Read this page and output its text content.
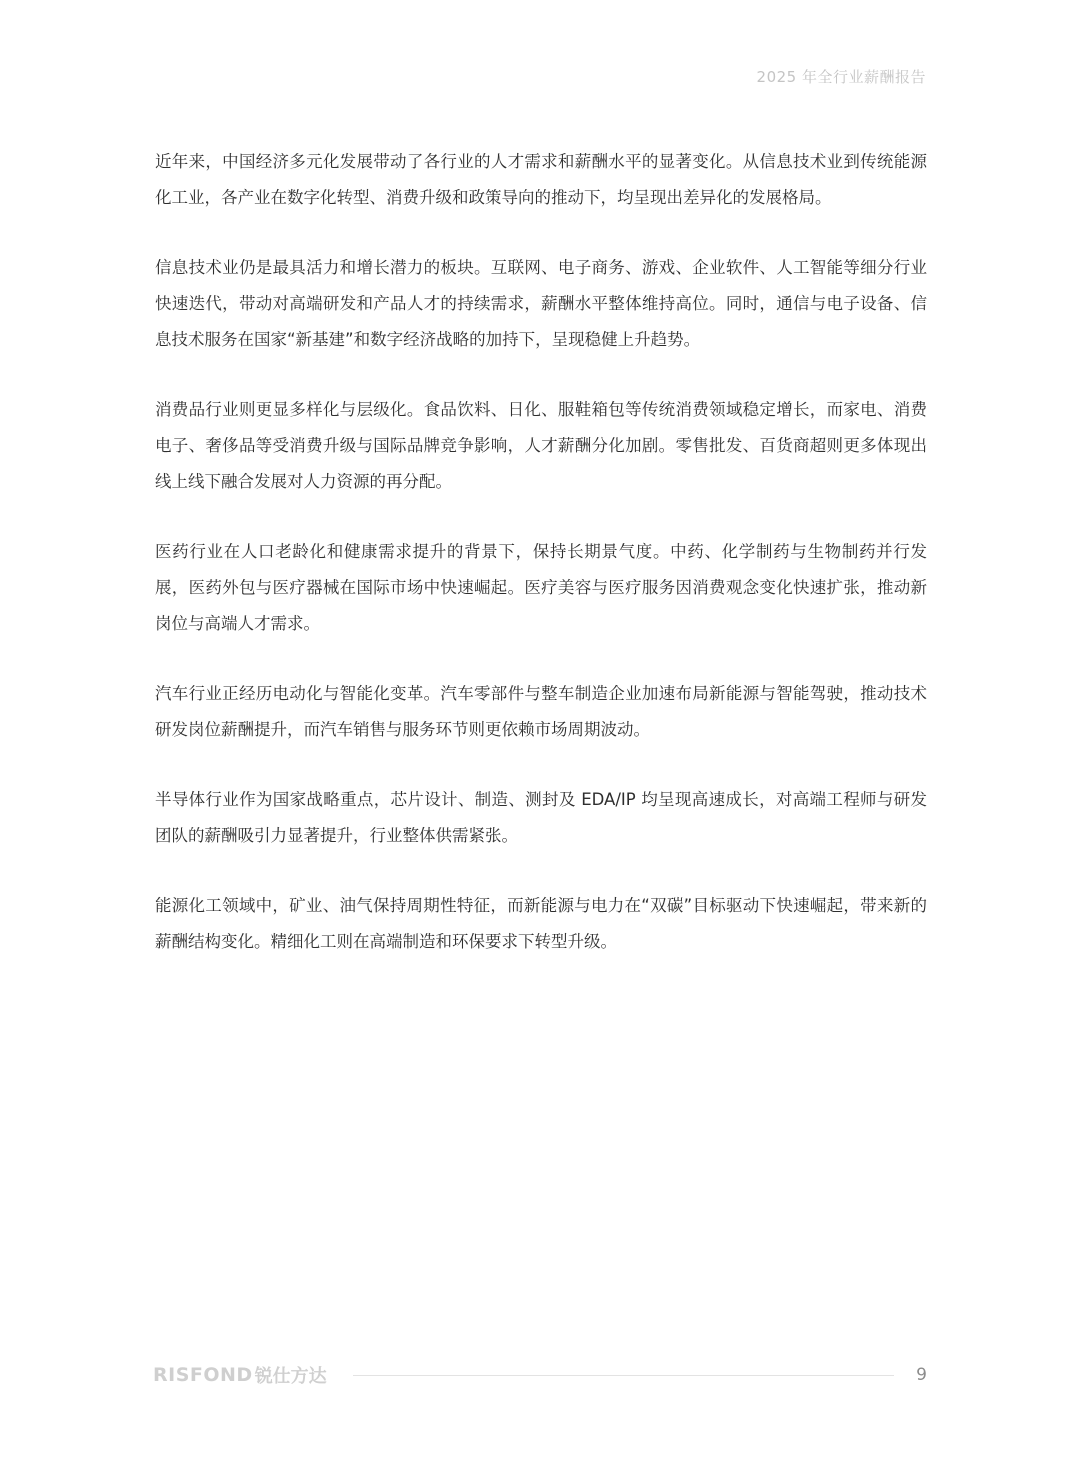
2025 年全行业薪酬报告

近年来，中国经济多元化发展带动了各行业的人才需求和薪酬水平的显著变化。从信息技术业到传统能源化工业，各产业在数字化转型、消费升级和政策导向的推动下，均呈现出差异化的发展格局。

信息技术业仍是最具活力和增长潜力的板块。互联网、电子商务、游戏、企业软件、人工智能等细分行业快速迭代，带动对高端研发和产品人才的持续需求，薪酬水平整体维持高位。同时，通信与电子设备、信息技术服务在国家“新基建”和数字经济战略的加持下，呈现稳健上升趋势。

消费品行业则更显多样化与层级化。食品饮料、日化、服鞋箱包等传统消费领域稳定增长，而家电、消费电子、奢侈品等受消费升级与国际品牌竞争影响，人才薪酬分化加剧。零售批发、百货商超则更多体现出线上线下融合发展对人力资源的再分配。

医药行业在人口老龄化和健康需求提升的背景下，保持长期景气度。中药、化学制药与生物制药并行发展，医药外包与医疗器械在国际市场中快速崛起。医疗美容与医疗服务因消费观念变化快速扩张，推动新岗位与高端人才需求。

汽车行业正经历电动化与智能化变革。汽车零部件与整车制造企业加速布局新能源与智能驾驶，推动技术研发岗位薪酬提升，而汽车销售与服务环节则更依赖市场周期波动。

半导体行业作为国家战略重点，芯片设计、制造、测封及 EDA/IP 均呈现高速成长，对高端工程师与研发团队的薪酬吸引力显著提升，行业整体供需紧张。

能源化工领域中，矿业、油气保持周期性特征，而新能源与电力在“双碳”目标驱动下快速崛起，带来新的薪酬结构变化。精细化工则在高端制造和环保要求下转型升级。

RISFOND 锐仕方达	9
